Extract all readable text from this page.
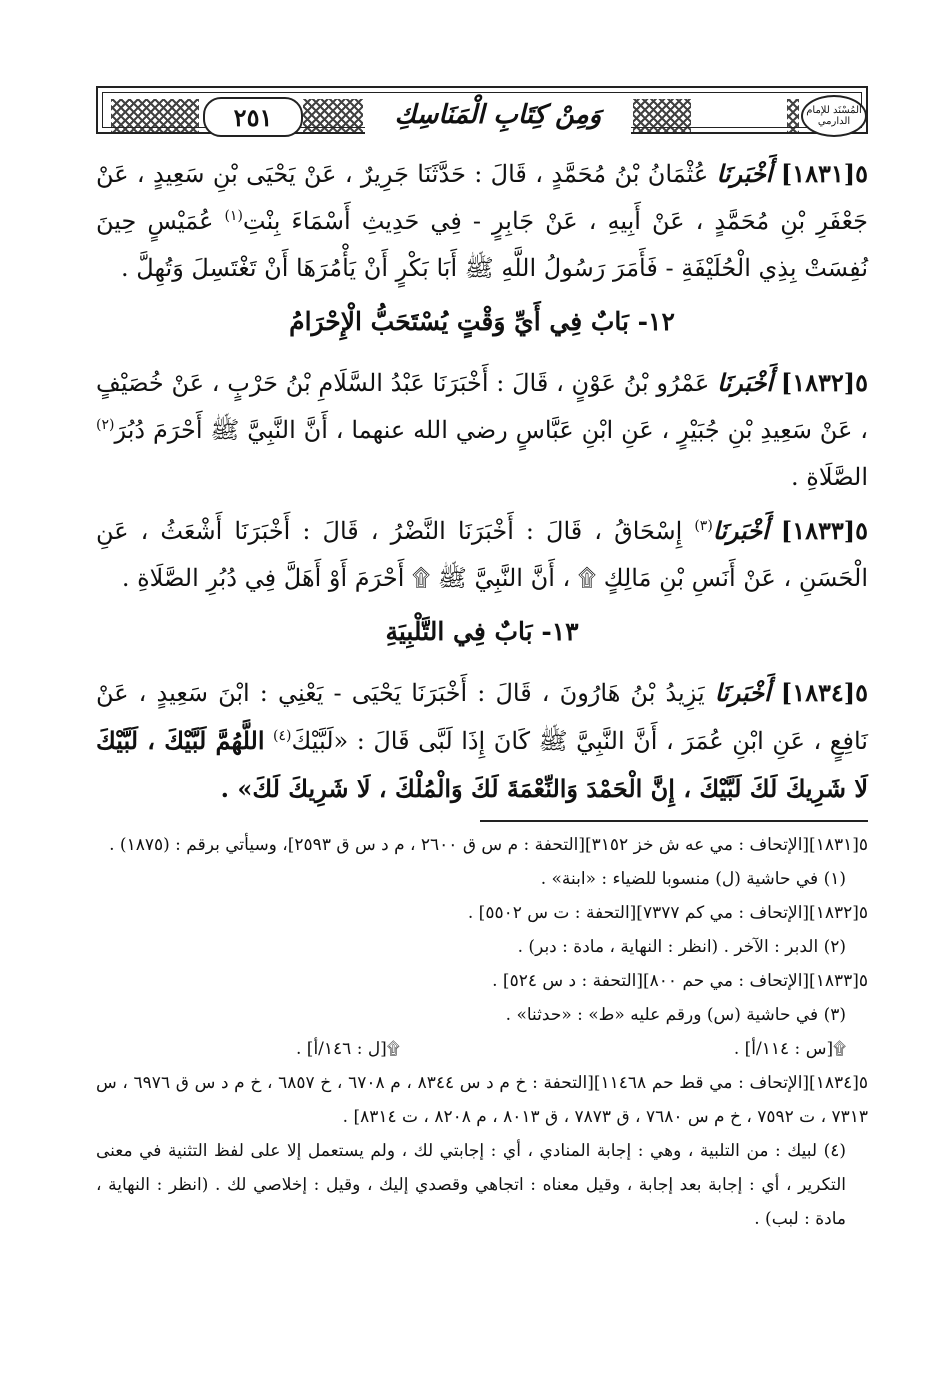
٢٥١	وَمِنْ كِتَابِ الْمَنَاسِكِ	المُسْنَد للإمام الدارمي

٥[١٨٣١] أَخْبَرنَا عُثْمَانُ بْنُ مُحَمَّدٍ ، قَالَ : حَدَّثَنَا جَرِيرٌ ، عَنْ يَحْيَى بْنِ سَعِيدٍ ، عَنْ جَعْفَرِ بْنِ مُحَمَّدٍ ، عَنْ أَبِيهِ ، عَنْ جَابِرٍ - فِي حَدِيثِ أَسْمَاءَ بِنْتِ$^{(١)}$ عُمَيْسٍ حِينَ نُفِسَتْ بِذِي الْحُلَيْفَةِ - فَأَمَرَ رَسُولُ اللَّهِ ﷺ أَبَا بَكْرٍ أَنْ يَأْمُرَهَا أَنْ تَغْتَسِلَ وَتُهِلَّ .

١٢- بَابٌ فِي أَيِّ وَقْتٍ يُسْتَحَبُّ الْإِحْرَامُ

٥[١٨٣٢] أَخْبَرنَا عَمْرُو بْنُ عَوْنٍ ، قَالَ : أَخْبَرَنَا عَبْدُ السَّلَامِ بْنُ حَرْبٍ ، عَنْ خُصَيْفٍ ، عَنْ سَعِيدِ بْنِ جُبَيْرٍ ، عَنِ ابْنِ عَبَّاسٍ رضي الله عنهما ، أَنَّ النَّبِيَّ ﷺ أَحْرَمَ دُبُرَ$^{(٢)}$ الصَّلَاةِ .

٥[١٨٣٣] أَخْبَرنَا$^{(٣)}$ إِسْحَاقُ ، قَالَ : أَخْبَرَنَا النَّضْرُ ، قَالَ : أَخْبَرَنَا أَشْعَثُ ، عَنِ الْحَسَنِ ، عَنْ أَنَسِ بْنِ مَالِكٍ ۩ ، أَنَّ النَّبِيَّ ﷺ ۩ أَحْرَمَ أَوْ أَهَلَّ فِي دُبُرِ الصَّلَاةِ .

١٣- بَابٌ فِي التَّلْبِيَةِ

٥[١٨٣٤] أَخْبَرنَا يَزِيدُ بْنُ هَارُونَ ، قَالَ : أَخْبَرَنَا يَحْيَى - يَعْنِي : ابْنَ سَعِيدٍ ، عَنْ نَافِعٍ ، عَنِ ابْنِ عُمَرَ ، أَنَّ النَّبِيَّ ﷺ كَانَ إِذَا لَبَّى قَالَ : «لَبَّيْكَ$^{(٤)}$ اللَّهُمَّ لَبَّيْكَ ، لَبَّيْكَ لَا شَرِيكَ لَكَ لَبَّيْكَ ، إِنَّ الْحَمْدَ وَالنِّعْمَةَ لَكَ وَالْمُلْكَ ، لَا شَرِيكَ لَكَ» .

٥[١٨٣١][الإتحاف : مي عه ش خز ٣١٥٢][التحفة : م س ق ٢٦٠٠ ، م د س ق ٢٥٩٣]، وسيأتي برقم : (١٨٧٥) .

(١) في حاشية (ل) منسوبا للضياء : «ابنة» .

٥[١٨٣٢][الإتحاف : مي كم ٧٣٧٧][التحفة : ت س ٥٥٠٢] .

(٢) الدبر : الآخر . (انظر : النهاية ، مادة : دبر) .

٥[١٨٣٣][الإتحاف : مي حم ٨٠٠][التحفة : د س ٥٢٤] .

(٣) في حاشية (س) ورقم عليه «ط» : «حدثنا» .

۩[س : ١١٤/أ] .
۩[ل : ١٤٦/أ] .

٥[١٨٣٤][الإتحاف : مي قط حم ١١٤٦٨][التحفة : خ م د س ٨٣٤٤ ، م ٦٧٠٨ ، خ ٦٨٥٧ ، خ م د س ق ٦٩٧٦ ، س ٧٣١٣ ، ت ٧٥٩٢ ، خ م س ٧٦٨٠ ، ق ٧٨٧٣ ، ق ٨٠١٣ ، م ٨٢٠٨ ، ت ٨٣١٤] .

(٤) لبيك : من التلبية ، وهي : إجابة المنادي ، أي : إجابتي لك ، ولم يستعمل إلا على لفظ التثنية في معنى التكرير ، أي : إجابة بعد إجابة ، وقيل معناه : اتجاهي وقصدي إليك ، وقيل : إخلاصي لك . (انظر : النهاية ، مادة : لبب) .
